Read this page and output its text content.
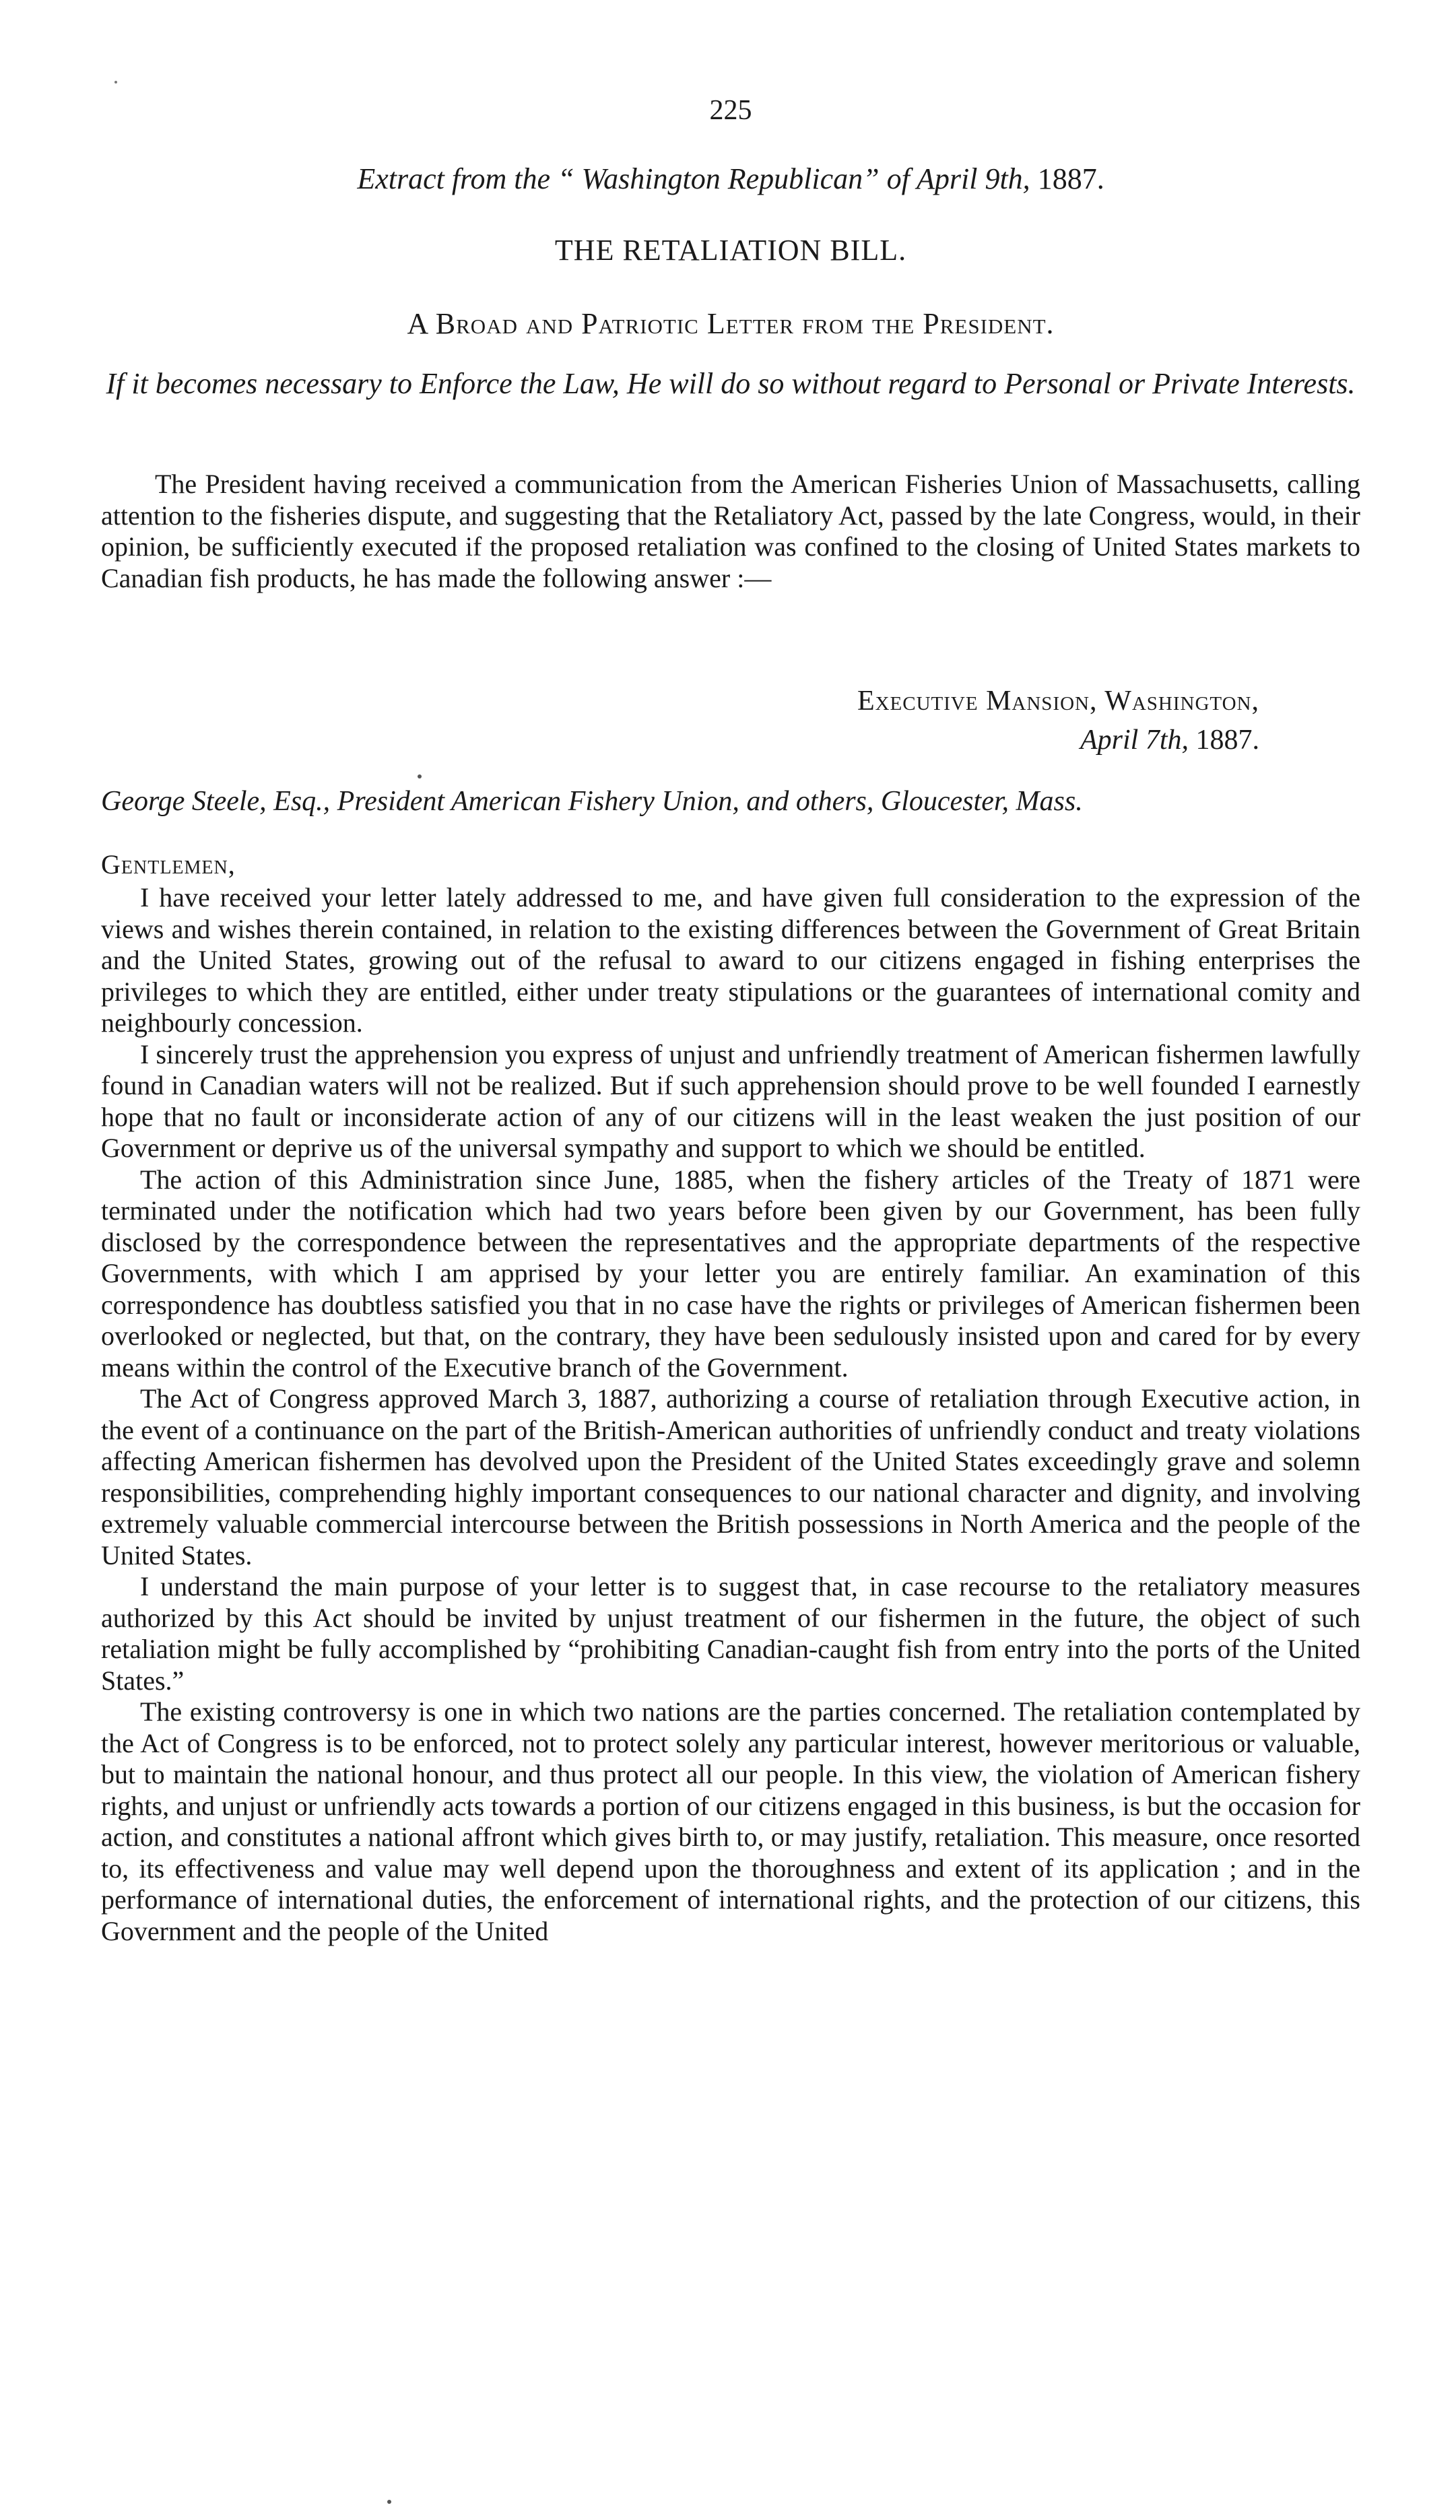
225
Extract from the “ Washington Republican” of April 9th, 1887.
THE RETALIATION BILL.
A Broad and Patriotic Letter from the President.
If it becomes necessary to Enforce the Law, He will do so without regard to Personal or Private Interests.
The President having received a communication from the American Fisheries Union of Massachusetts, calling attention to the fisheries dispute, and suggesting that the Retaliatory Act, passed by the late Congress, would, in their opinion, be sufficiently executed if the proposed retaliation was confined to the closing of United States markets to Canadian fish products, he has made the following answer :—
Executive Mansion, Washington,
April 7th, 1887.
George Steele, Esq., President American Fishery Union, and others, Gloucester, Mass.
Gentlemen,

I have received your letter lately addressed to me, and have given full consideration to the expression of the views and wishes therein contained, in relation to the existing differences between the Government of Great Britain and the United States, growing out of the refusal to award to our citizens engaged in fishing enterprises the privileges to which they are entitled, either under treaty stipulations or the guarantees of international comity and neighbourly concession.

I sincerely trust the apprehension you express of unjust and unfriendly treatment of American fishermen lawfully found in Canadian waters will not be realized. But if such apprehension should prove to be well founded I earnestly hope that no fault or inconsiderate action of any of our citizens will in the least weaken the just position of our Government or deprive us of the universal sympathy and support to which we should be entitled.

The action of this Administration since June, 1885, when the fishery articles of the Treaty of 1871 were terminated under the notification which had two years before been given by our Government, has been fully disclosed by the correspondence between the representatives and the appropriate departments of the respective Governments, with which I am apprised by your letter you are entirely familiar. An examination of this correspondence has doubtless satisfied you that in no case have the rights or privileges of American fishermen been overlooked or neglected, but that, on the contrary, they have been sedulously insisted upon and cared for by every means within the control of the Executive branch of the Government.

The Act of Congress approved March 3, 1887, authorizing a course of retaliation through Executive action, in the event of a continuance on the part of the British-American authorities of unfriendly conduct and treaty violations affecting American fishermen has devolved upon the President of the United States exceedingly grave and solemn responsibilities, comprehending highly important consequences to our national character and dignity, and involving extremely valuable commercial intercourse between the British possessions in North America and the people of the United States.

I understand the main purpose of your letter is to suggest that, in case recourse to the retaliatory measures authorized by this Act should be invited by unjust treatment of our fishermen in the future, the object of such retaliation might be fully accomplished by “prohibiting Canadian-caught fish from entry into the ports of the United States.”

The existing controversy is one in which two nations are the parties concerned. The retaliation contemplated by the Act of Congress is to be enforced, not to protect solely any particular interest, however meritorious or valuable, but to maintain the national honour, and thus protect all our people. In this view, the violation of American fishery rights, and unjust or unfriendly acts towards a portion of our citizens engaged in this business, is but the occasion for action, and constitutes a national affront which gives birth to, or may justify, retaliation. This measure, once resorted to, its effectiveness and value may well depend upon the thoroughness and extent of its application ; and in the performance of international duties, the enforcement of international rights, and the protection of our citizens, this Government and the people of the United
